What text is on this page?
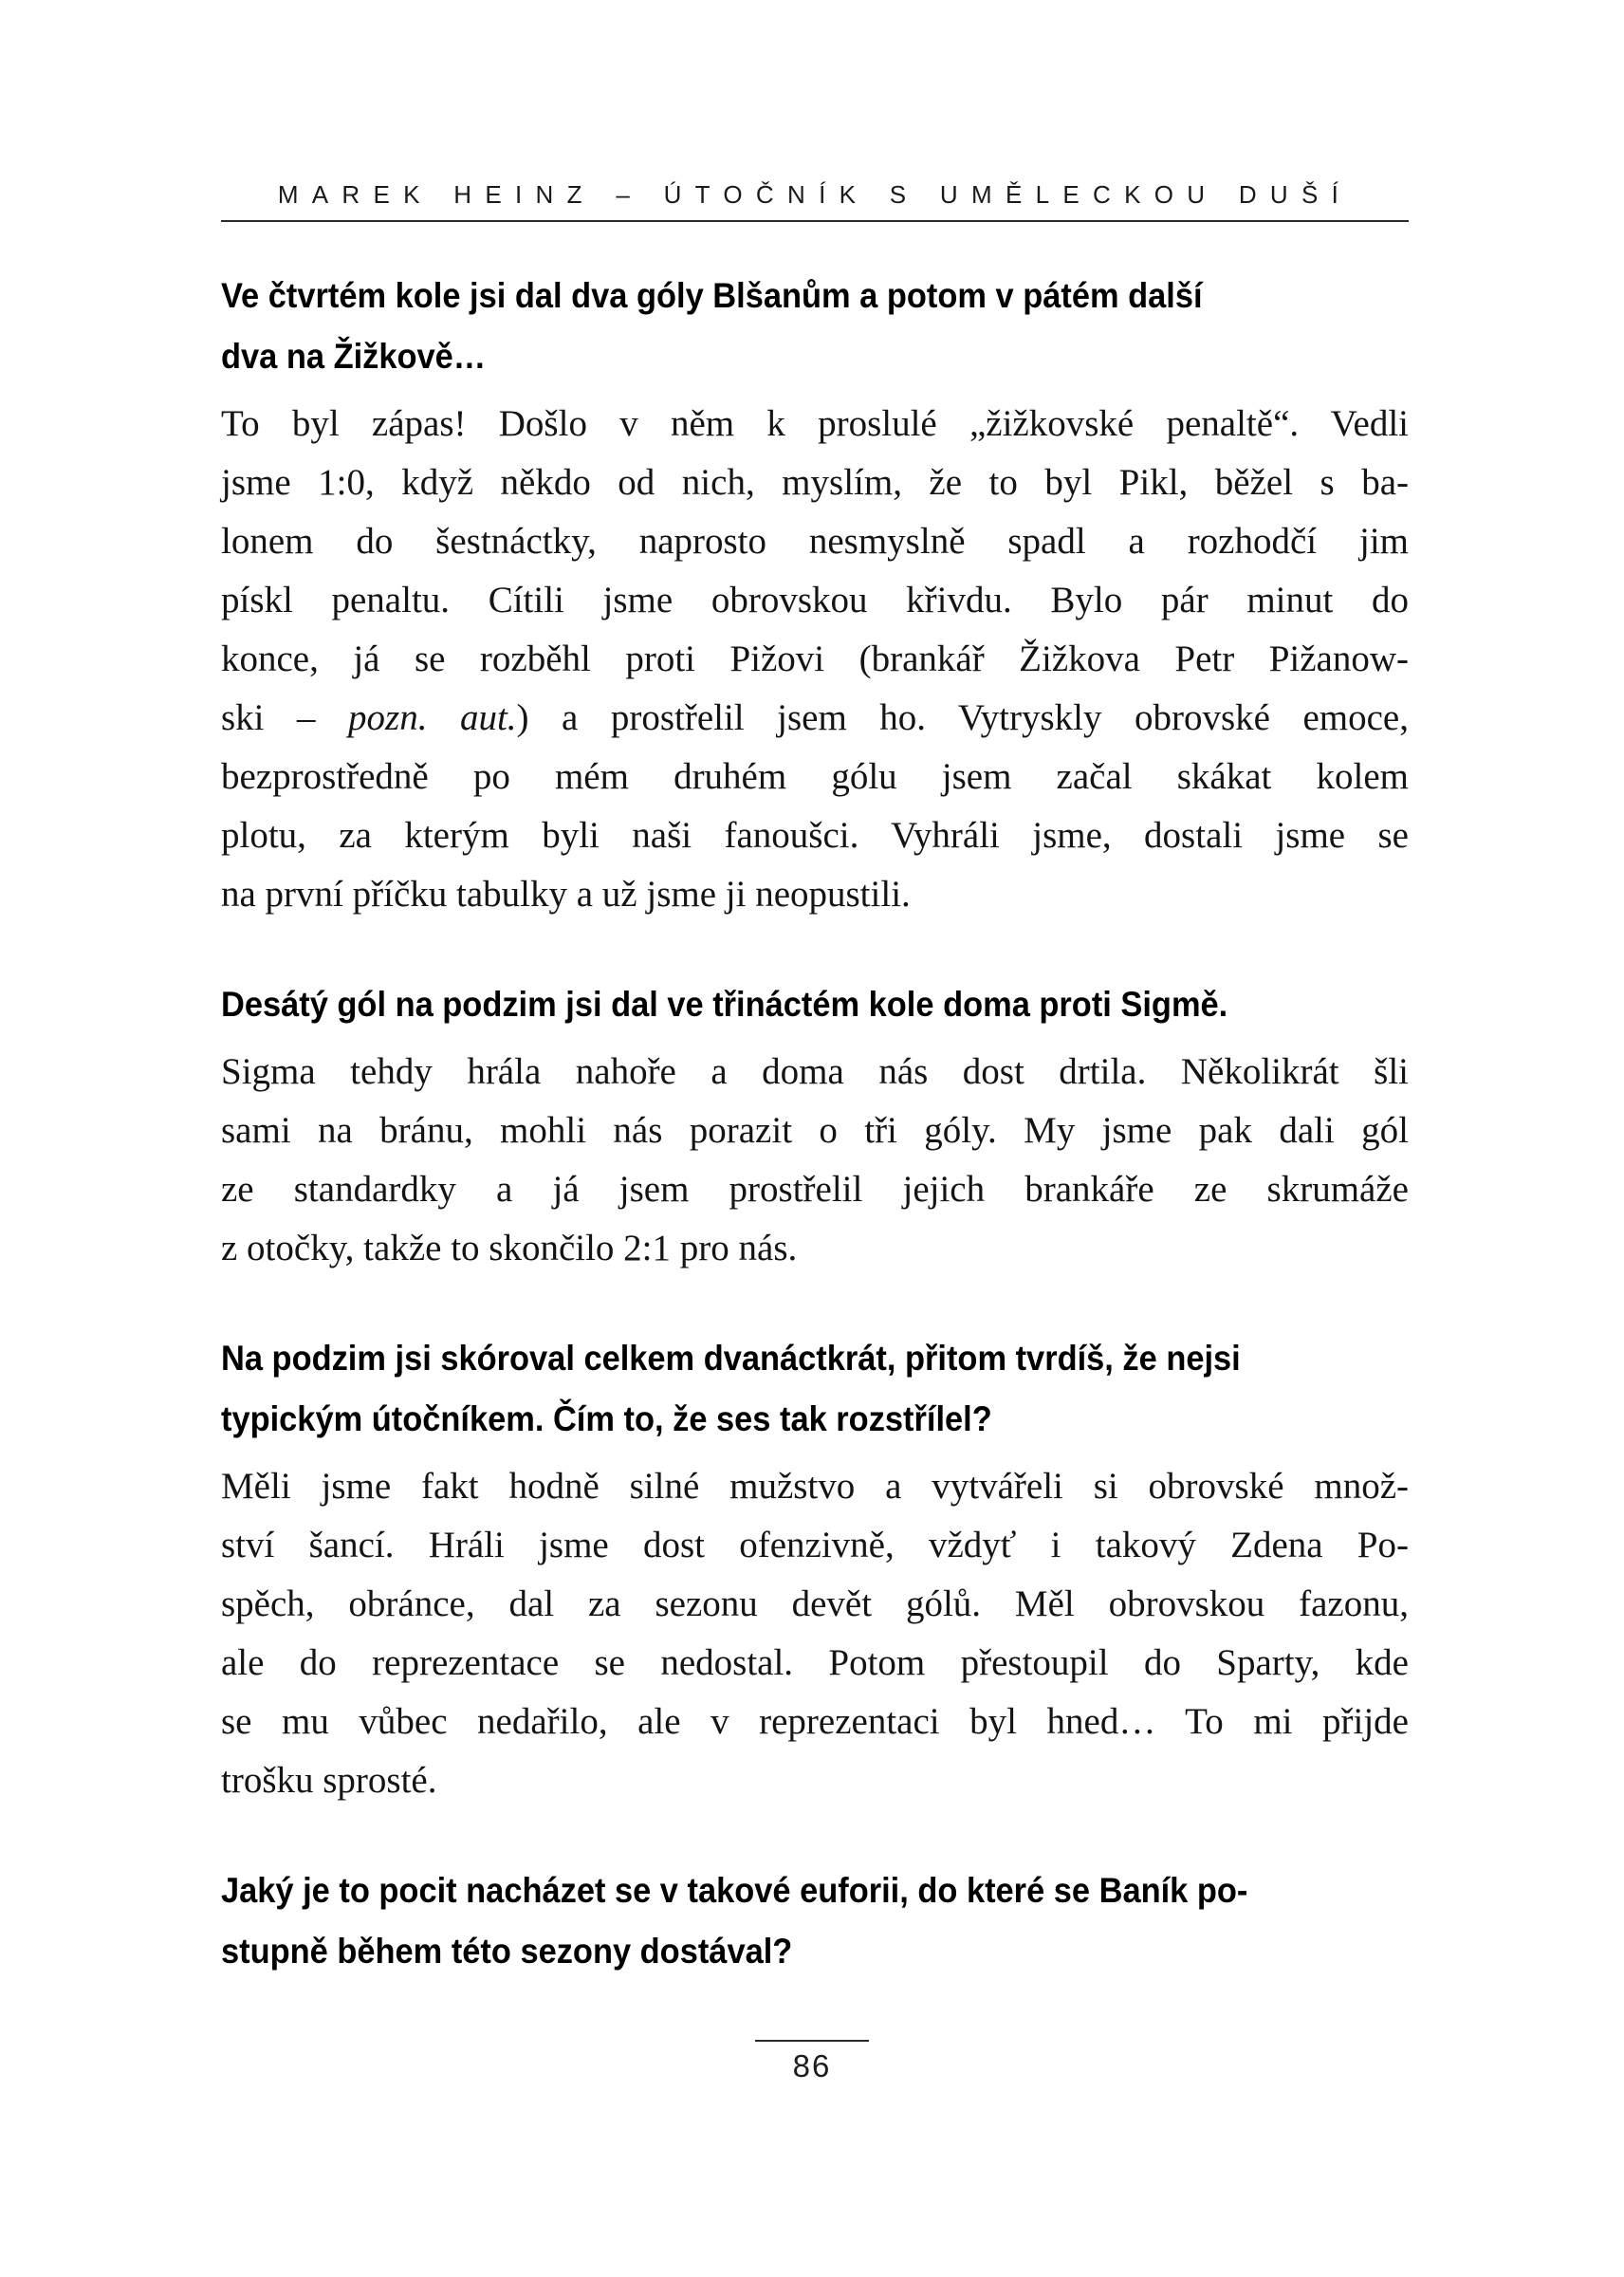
MAREK HEINZ – ÚTOČNÍK S UMĚLECKOU DUŠÍ
Ve čtvrtém kole jsi dal dva góly Blšanům a potom v pátém další
dva na Žižkově…
To byl zápas! Došlo v něm k proslulé „žižkovské penaltě“. Vedli
jsme 1:0, když někdo od nich, myslím, že to byl Pikl, běžel s ba-
lonem do šestnáctky, naprosto nesmyslně spadl a rozhodčí jim
pískl penaltu. Cítili jsme obrovskou křivdu. Bylo pár minut do
konce, já se rozběhl proti Pižovi (brankář Žižkova Petr Pižanow-
ski – pozn. aut.) a prostřelil jsem ho. Vytryskly obrovské emoce,
bezprostředně po mém druhém gólu jsem začal skákat kolem
plotu, za kterým byli naši fanoušci. Vyhráli jsme, dostali jsme se
na první příčku tabulky a už jsme ji neopustili.
Desátý gól na podzim jsi dal ve třináctém kole doma proti Sigmě.
Sigma tehdy hrála nahoře a doma nás dost drtila. Několikrát šli
sami na bránu, mohli nás porazit o tři góly. My jsme pak dali gól
ze standardky a já jsem prostřelil jejich brankáře ze skrumáže
z otočky, takže to skončilo 2:1 pro nás.
Na podzim jsi skóroval celkem dvanáctkrát, přitom tvrdíš, že nejsi
typickým útočníkem. Čím to, že ses tak rozstřílel?
Měli jsme fakt hodně silné mužstvo a vytvářeli si obrovské množ-
ství šancí. Hráli jsme dost ofenzivně, vždyť i takový Zdena Po-
spěch, obránce, dal za sezonu devět gólů. Měl obrovskou fazonu,
ale do reprezentace se nedostal. Potom přestoupil do Sparty, kde
se mu vůbec nedařilo, ale v reprezentaci byl hned… To mi přijde
trošku sprosté.
Jaký je to pocit nacházet se v takové euforii, do které se Baník po-
stupně během této sezony dostával?
86
